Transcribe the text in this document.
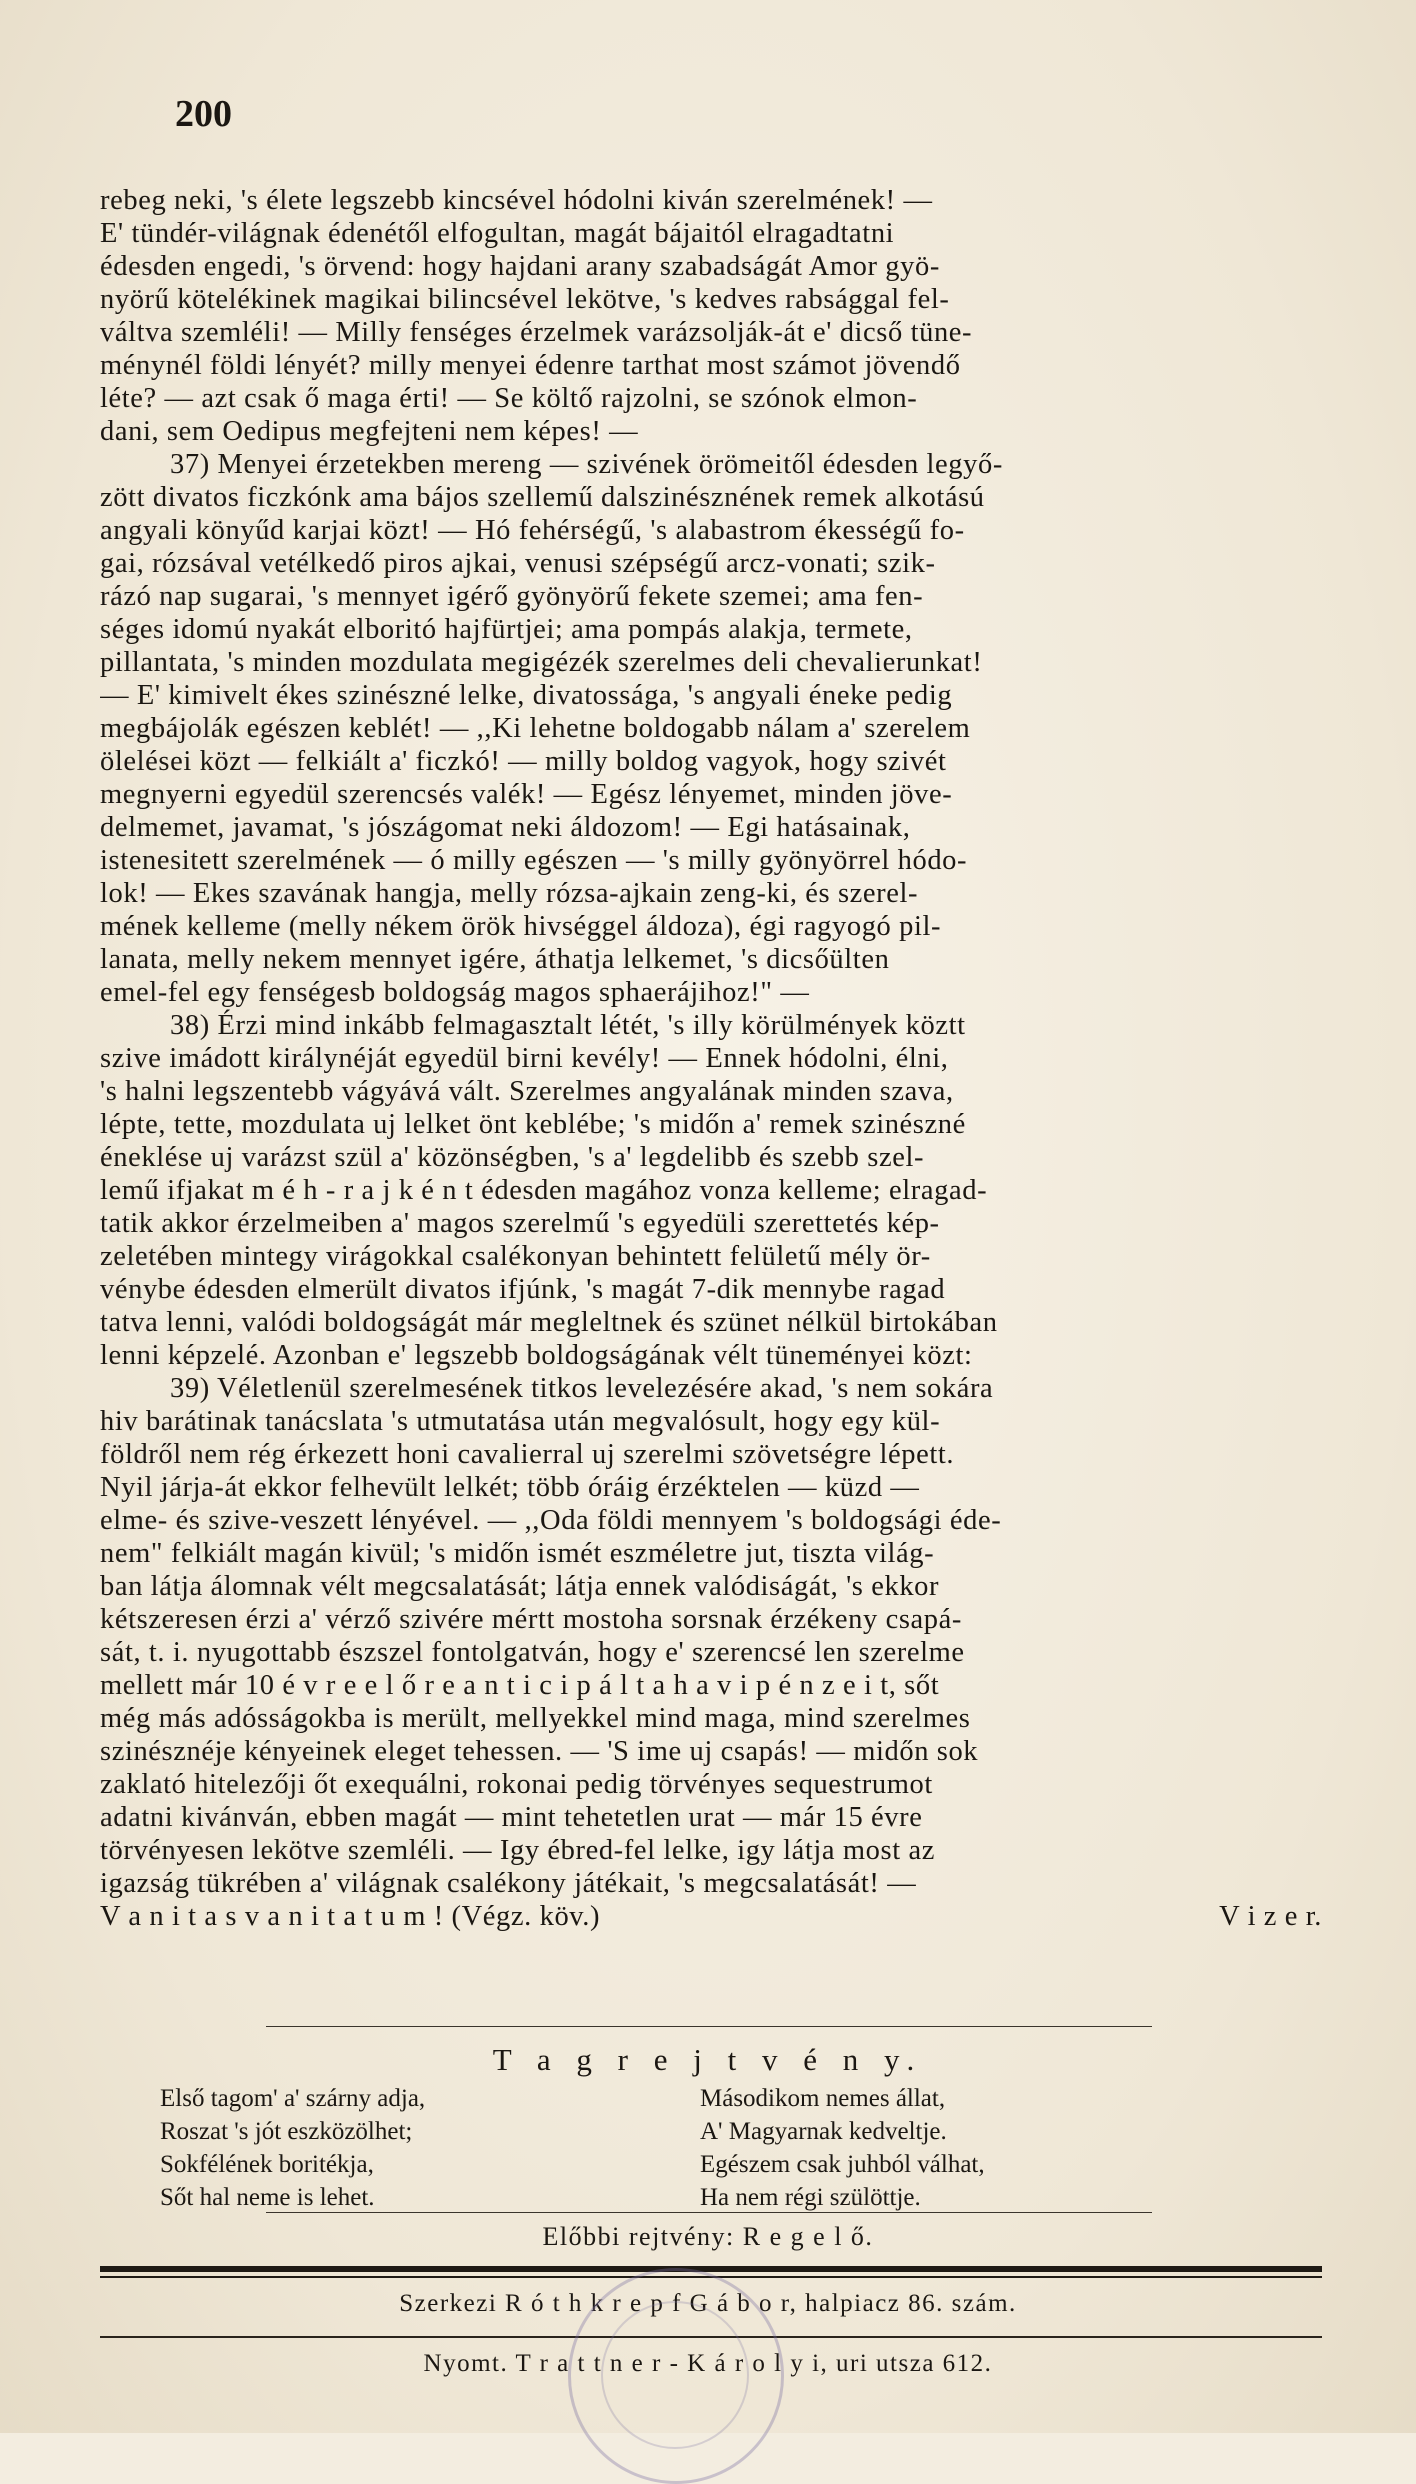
200
rebeg neki, 's élete legszebb kincsével hódolni kiván szerelmének! —
E' tündér-világnak édenétől elfogultan, magát bájaitól elragadtatni
édesden engedi, 's örvend: hogy hajdani arany szabadságát Amor gyö-
nyörű kötelékinek magikai bilincsével lekötve, 's kedves rabsággal fel-
váltva szemléli! — Milly fenséges érzelmek varázsolják-át e' dicső tüne-
ménynél földi lényét? milly menyei édenre tarthat most számot jövendő
léte? — azt csak ő maga érti! — Se költő rajzolni, se szónok elmon-
dani, sem Oedipus megfejteni nem képes! —
37) Menyei érzetekben mereng — szivének örömeitől édesden legyő-
zött divatos ficzkónk ama bájos szellemű dalszinésznének remek alkotású
angyali könyűd karjai közt! — Hó fehérségű, 's alabastrom ékességű fo-
gai, rózsával vetélkedő piros ajkai, venusi szépségű arcz-vonati; szik-
rázó nap sugarai, 's mennyet igérő gyönyörű fekete szemei; ama fen-
séges idomú nyakát elboritó hajfürtjei; ama pompás alakja, termete,
pillantata, 's minden mozdulata megigézék szerelmes deli chevalierunkat!
— E' kimivelt ékes szinészné lelke, divatossága, 's angyali éneke pedig
megbájolák egészen keblét! — ,,Ki lehetne boldogabb nálam a' szerelem
ölelései közt — felkiált a' ficzkó! — milly boldog vagyok, hogy szivét
megnyerni egyedül szerencsés valék! — Egész lényemet, minden jöve-
delmemet, javamat, 's jószágomat neki áldozom! — Egi hatásainak,
istenesitett szerelmének — ó milly egészen — 's milly gyönyörrel hódo-
lok! — Ekes szavának hangja, melly rózsa-ajkain zeng-ki, és szerel-
mének kelleme (melly nékem örök hivséggel áldoza), égi ragyogó pil-
lanata, melly nekem mennyet igére, áthatja lelkemet, 's dicsőülten
emel-fel egy fenségesb boldogság magos sphaerájihoz!" —
38) Érzi mind inkább felmagasztalt létét, 's illy körülmények köztt
szive imádott királynéját egyedül birni kevély! — Ennek hódolni, élni,
's halni legszentebb vágyává vált. Szerelmes angyalának minden szava,
lépte, tette, mozdulata uj lelket önt keblébe; 's midőn a' remek szinészné
éneklése uj varázst szül a' közönségben, 's a' legdelibb és szebb szel-
lemű ifjakat m é h - r a j k é n t édesden magához vonza kelleme; elragad-
tatik akkor érzelmeiben a' magos szerelmű 's egyedüli szerettetés kép-
zeletében mintegy virágokkal csalékonyan behintett felületű mély ör-
vénybe édesden elmerült divatos ifjúnk, 's magát 7-dik mennybe ragad
tatva lenni, valódi boldogságát már megleltnek és szünet nélkül birtokában
lenni képzelé. Azonban e' legszebb boldogságának vélt tüneményei közt:
39) Véletlenül szerelmesének titkos levelezésére akad, 's nem sokára
hiv barátinak tanácslata 's utmutatása után megvalósult, hogy egy kül-
földről nem rég érkezett honi cavalierral uj szerelmi szövetségre lépett.
Nyil járja-át ekkor felhevült lelkét; több óráig érzéktelen — küzd —
elme- és szive-veszett lényével. — ,,Oda földi mennyem 's boldogsági éde-
nem" felkiált magán kivül; 's midőn ismét eszméletre jut, tiszta világ-
ban látja álomnak vélt megcsalatását; látja ennek valódiságát, 's ekkor
kétszeresen érzi a' vérző szivére mértt mostoha sorsnak érzékeny csapá-
sát, t. i. nyugottabb észszel fontolgatván, hogy e' szerencsé len szerelme
mellett már 10 é v r e e l ő r e a n t i c i p á l t a h a v i p é n z e i t, sőt
még más adósságokba is merült, mellyekkel mind maga, mind szerelmes
szinésznéje kényeinek eleget tehessen. — 'S ime uj csapás! — midőn sok
zaklató hitelezőji őt exequálni, rokonai pedig törvényes sequestrumot
adatni kivánván, ebben magát — mint tehetetlen urat — már 15 évre
törvényesen lekötve szemléli. — Igy ébred-fel lelke, igy látja most az
igazság tükrében a' világnak csalékony játékait, 's megcsalatását! —
V a n i t a s v a n i t a t u m ! (Végz. köv.)	V i z e r.
T a g r e j t v é n y.
Első tagom' a' szárny adja,
Roszat 's jót eszközölhet;
Sokfélének boritékja,
Sőt hal neme is lehet.
Másodikom nemes állat,
A' Magyarnak kedveltje.
Egészem csak juhból válhat,
Ha nem régi szülöttje.
Előbbi rejtvény: R e g e l ő.
Szerkezi R ó t h k r e p f G á b o r, halpiacz 86. szám.
Nyomt. T r a t t n e r - K á r o l y i, uri utsza 612.
